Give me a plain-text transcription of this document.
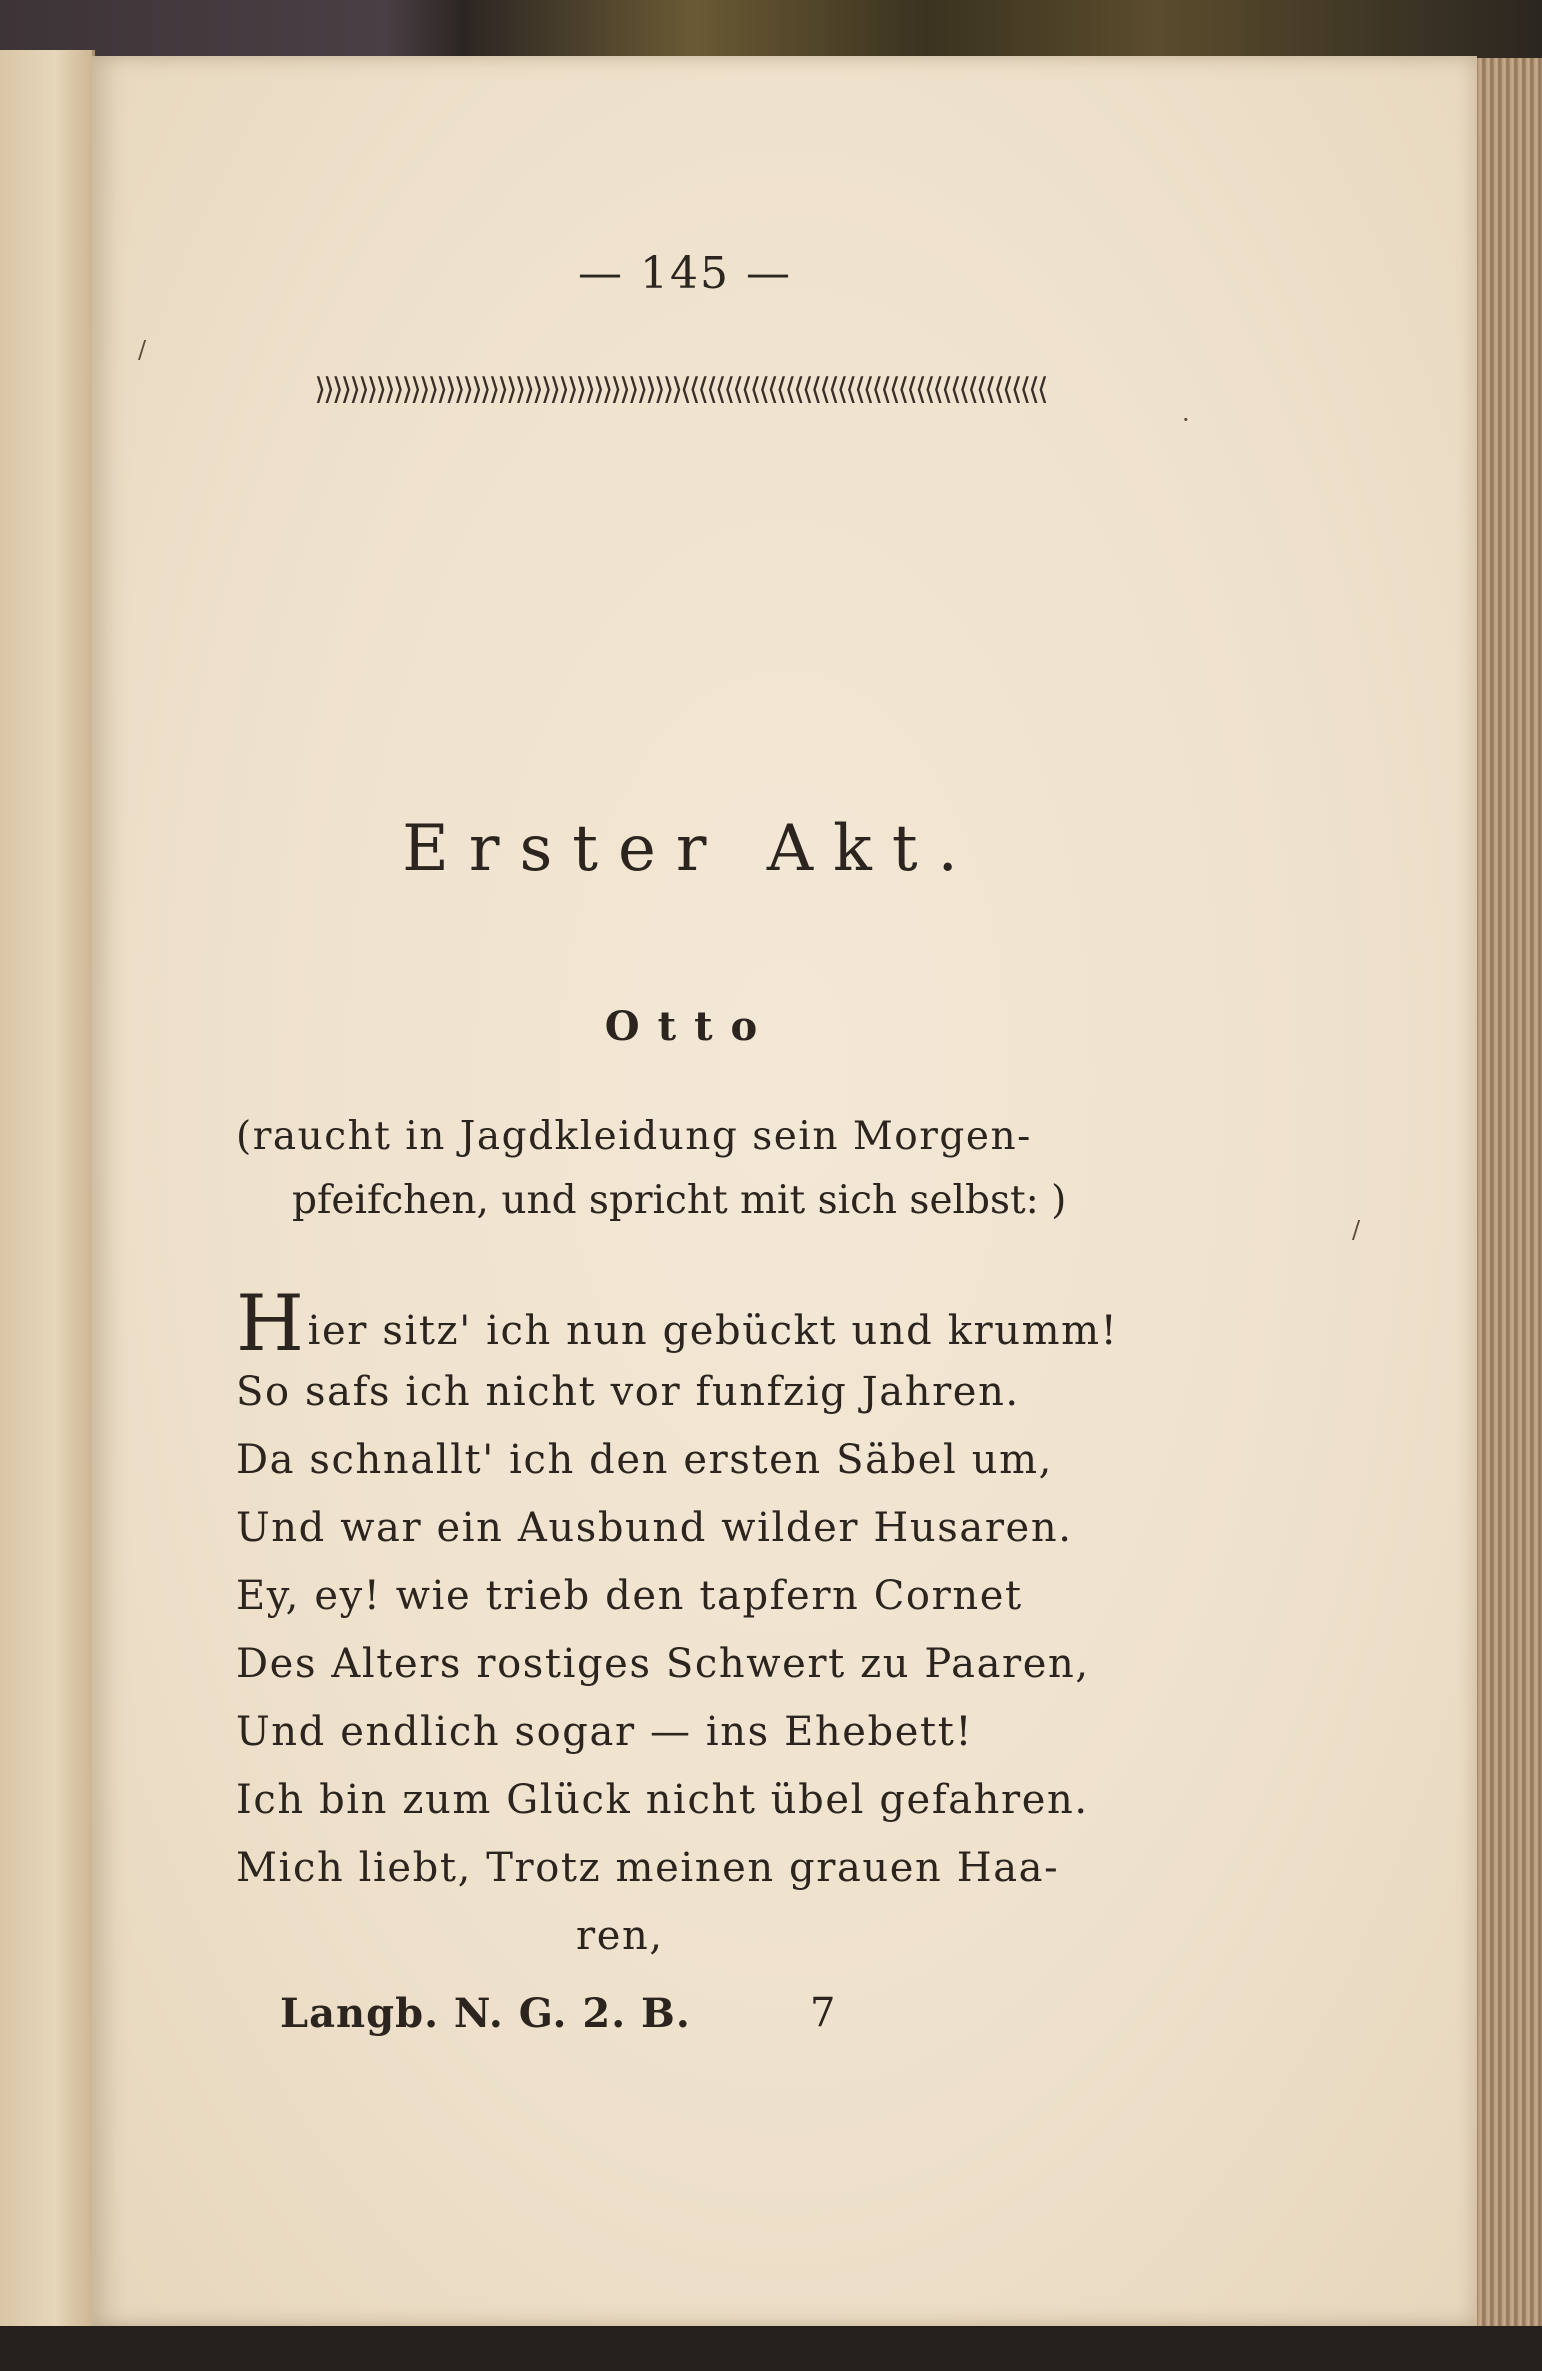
/
/
·
— 145 —
⟩⟩⟩⟩⟩⟩⟩⟩⟩⟩⟩⟩⟩⟩⟩⟩⟩⟩⟩⟩⟩⟩⟩⟩⟩⟩⟩⟩⟩⟩⟩⟩⟩⟩⟩⟩⟩⟩⟩⟩⟩⟩⟨⟨⟨⟨⟨⟨⟨⟨⟨⟨⟨⟨⟨⟨⟨⟨⟨⟨⟨⟨⟨⟨⟨⟨⟨⟨⟨⟨⟨⟨⟨⟨⟨⟨⟨⟨⟨⟨⟨⟨⟨⟨
Erster Akt.
Otto
(raucht in Jagdkleidung sein Morgen-
pfeifchen, und spricht mit sich selbst: )
Hier sitz' ich nun gebückt und krumm!
So safs ich nicht vor funfzig Jahren.
Da schnallt' ich den ersten Säbel um,
Und war ein Ausbund wilder Husaren.
Ey, ey! wie trieb den tapfern Cornet
Des Alters rostiges Schwert zu Paaren,
Und endlich sogar — ins Ehebett!
Ich bin zum Glück nicht übel gefahren.
Mich liebt, Trotz meinen grauen Haa-
ren,
Langb. N. G. 2. B.	7
